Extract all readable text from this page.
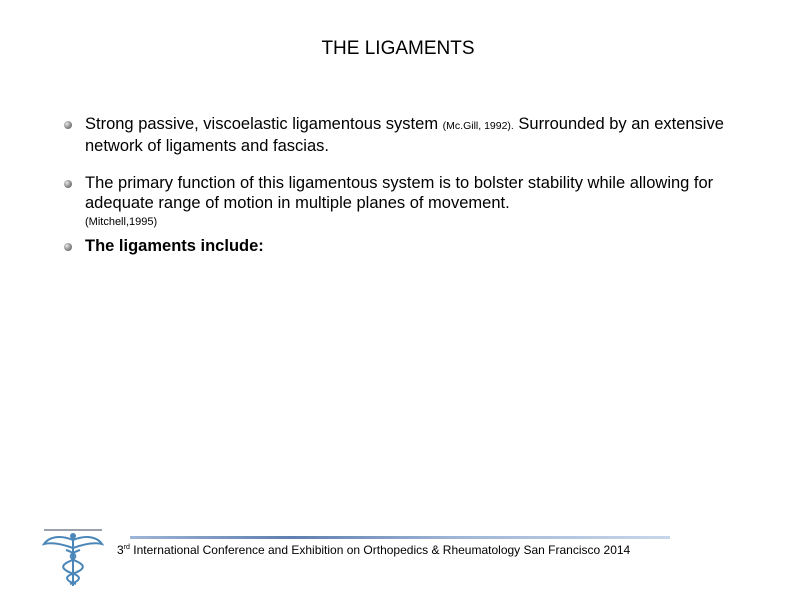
THE LIGAMENTS
Strong passive, viscoelastic ligamentous system (Mc.Gill, 1992). Surrounded by an extensive network of ligaments and fascias.
The primary function of this ligamentous system is to bolster stability while allowing for adequate range of motion in multiple planes of movement.
(Mitchell,1995)
The ligaments include:
3rd International Conference and Exhibition on Orthopedics & Rheumatology San Francisco 2014
